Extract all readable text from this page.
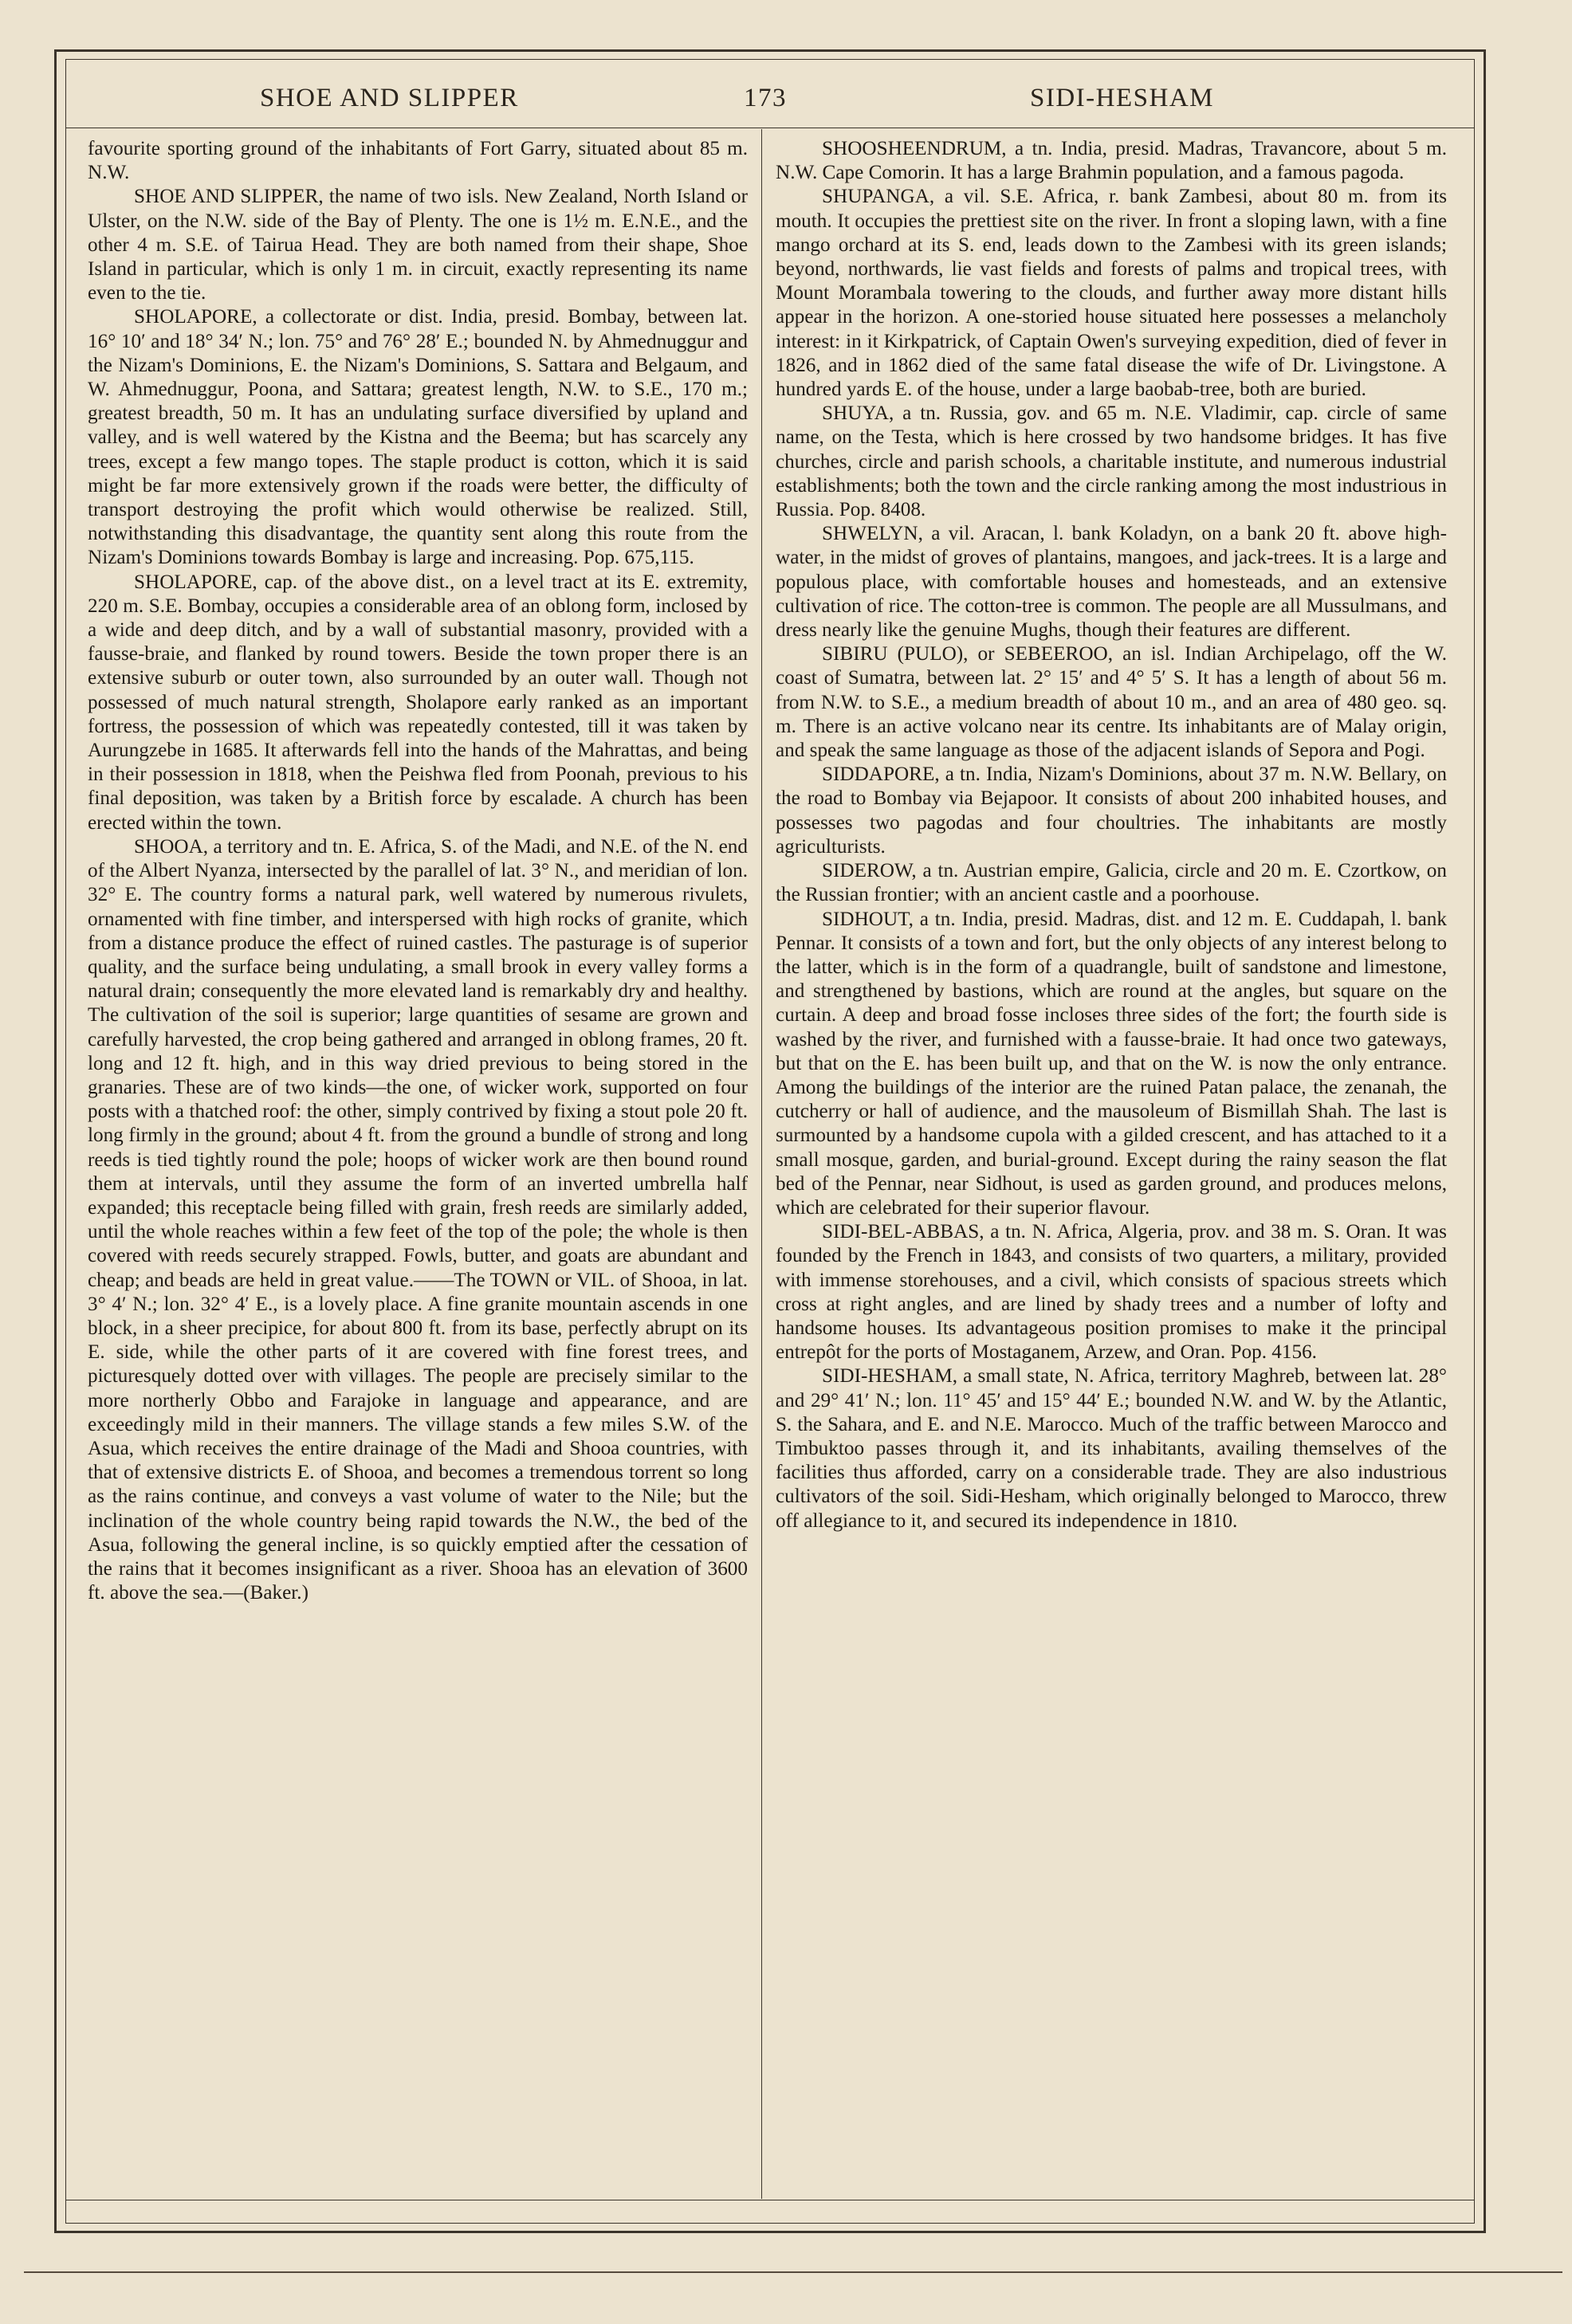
SHOE AND SLIPPER	173	SIDI-HESHAM

favourite sporting ground of the inhabitants of Fort Garry, situated about 85 m. N.W.

SHOE AND SLIPPER, the name of two isls. New Zealand, North Island or Ulster, on the N.W. side of the Bay of Plenty. The one is 1½ m. E.N.E., and the other 4 m. S.E. of Tairua Head. They are both named from their shape, Shoe Island in particular, which is only 1 m. in circuit, exactly representing its name even to the tie.

SHOLAPORE, a collectorate or dist. India, presid. Bombay, between lat. 16° 10′ and 18° 34′ N.; lon. 75° and 76° 28′ E.; bounded N. by Ahmednuggur and the Nizam's Dominions, E. the Nizam's Dominions, S. Sattara and Belgaum, and W. Ahmednuggur, Poona, and Sattara; greatest length, N.W. to S.E., 170 m.; greatest breadth, 50 m. It has an undulating surface diversified by upland and valley, and is well watered by the Kistna and the Beema; but has scarcely any trees, except a few mango topes. The staple product is cotton, which it is said might be far more extensively grown if the roads were better, the difficulty of transport destroying the profit which would otherwise be realized. Still, notwithstanding this disadvantage, the quantity sent along this route from the Nizam's Dominions towards Bombay is large and increasing. Pop. 675,115.

SHOLAPORE, cap. of the above dist., on a level tract at its E. extremity, 220 m. S.E. Bombay, occupies a considerable area of an oblong form, inclosed by a wide and deep ditch, and by a wall of substantial masonry, provided with a fausse-braie, and flanked by round towers. Beside the town proper there is an extensive suburb or outer town, also surrounded by an outer wall. Though not possessed of much natural strength, Sholapore early ranked as an important fortress, the possession of which was repeatedly contested, till it was taken by Aurungzebe in 1685. It afterwards fell into the hands of the Mahrattas, and being in their possession in 1818, when the Peishwa fled from Poonah, previous to his final deposition, was taken by a British force by escalade. A church has been erected within the town.

SHOOA, a territory and tn. E. Africa, S. of the Madi, and N.E. of the N. end of the Albert Nyanza, intersected by the parallel of lat. 3° N., and meridian of lon. 32° E. The country forms a natural park, well watered by numerous rivulets, ornamented with fine timber, and interspersed with high rocks of granite, which from a distance produce the effect of ruined castles. The pasturage is of superior quality, and the surface being undulating, a small brook in every valley forms a natural drain; consequently the more elevated land is remarkably dry and healthy. The cultivation of the soil is superior; large quantities of sesame are grown and carefully harvested, the crop being gathered and arranged in oblong frames, 20 ft. long and 12 ft. high, and in this way dried previous to being stored in the granaries. These are of two kinds—the one, of wicker work, supported on four posts with a thatched roof: the other, simply contrived by fixing a stout pole 20 ft. long firmly in the ground; about 4 ft. from the ground a bundle of strong and long reeds is tied tightly round the pole; hoops of wicker work are then bound round them at intervals, until they assume the form of an inverted umbrella half expanded; this receptacle being filled with grain, fresh reeds are similarly added, until the whole reaches within a few feet of the top of the pole; the whole is then covered with reeds securely strapped. Fowls, butter, and goats are abundant and cheap; and beads are held in great value.——The TOWN or VIL. of Shooa, in lat. 3° 4′ N.; lon. 32° 4′ E., is a lovely place. A fine granite mountain ascends in one block, in a sheer precipice, for about 800 ft. from its base, perfectly abrupt on its E. side, while the other parts of it are covered with fine forest trees, and picturesquely dotted over with villages. The people are precisely similar to the more northerly Obbo and Farajoke in language and appearance, and are exceedingly mild in their manners. The village stands a few miles S.W. of the Asua, which receives the entire drainage of the Madi and Shooa countries, with that of extensive districts E. of Shooa, and becomes a tremendous torrent so long as the rains continue, and conveys a vast volume of water to the Nile; but the inclination of the whole country being rapid towards the N.W., the bed of the Asua, following the general incline, is so quickly emptied after the cessation of the rains that it becomes insignificant as a river. Shooa has an elevation of 3600 ft. above the sea.—(Baker.)

SHOOSHEENDRUM, a tn. India, presid. Madras, Travancore, about 5 m. N.W. Cape Comorin. It has a large Brahmin population, and a famous pagoda.

SHUPANGA, a vil. S.E. Africa, r. bank Zambesi, about 80 m. from its mouth. It occupies the prettiest site on the river. In front a sloping lawn, with a fine mango orchard at its S. end, leads down to the Zambesi with its green islands; beyond, northwards, lie vast fields and forests of palms and tropical trees, with Mount Morambala towering to the clouds, and further away more distant hills appear in the horizon. A one-storied house situated here possesses a melancholy interest: in it Kirkpatrick, of Captain Owen's surveying expedition, died of fever in 1826, and in 1862 died of the same fatal disease the wife of Dr. Livingstone. A hundred yards E. of the house, under a large baobab-tree, both are buried.

SHUYA, a tn. Russia, gov. and 65 m. N.E. Vladimir, cap. circle of same name, on the Testa, which is here crossed by two handsome bridges. It has five churches, circle and parish schools, a charitable institute, and numerous industrial establishments; both the town and the circle ranking among the most industrious in Russia. Pop. 8408.

SHWELYN, a vil. Aracan, l. bank Koladyn, on a bank 20 ft. above high-water, in the midst of groves of plantains, mangoes, and jack-trees. It is a large and populous place, with comfortable houses and homesteads, and an extensive cultivation of rice. The cotton-tree is common. The people are all Mussulmans, and dress nearly like the genuine Mughs, though their features are different.

SIBIRU (PULO), or SEBEEROO, an isl. Indian Archipelago, off the W. coast of Sumatra, between lat. 2° 15′ and 4° 5′ S. It has a length of about 56 m. from N.W. to S.E., a medium breadth of about 10 m., and an area of 480 geo. sq. m. There is an active volcano near its centre. Its inhabitants are of Malay origin, and speak the same language as those of the adjacent islands of Sepora and Pogi.

SIDDAPORE, a tn. India, Nizam's Dominions, about 37 m. N.W. Bellary, on the road to Bombay via Bejapoor. It consists of about 200 inhabited houses, and possesses two pagodas and four choultries. The inhabitants are mostly agriculturists.

SIDEROW, a tn. Austrian empire, Galicia, circle and 20 m. E. Czortkow, on the Russian frontier; with an ancient castle and a poorhouse.

SIDHOUT, a tn. India, presid. Madras, dist. and 12 m. E. Cuddapah, l. bank Pennar. It consists of a town and fort, but the only objects of any interest belong to the latter, which is in the form of a quadrangle, built of sandstone and limestone, and strengthened by bastions, which are round at the angles, but square on the curtain. A deep and broad fosse incloses three sides of the fort; the fourth side is washed by the river, and furnished with a fausse-braie. It had once two gateways, but that on the E. has been built up, and that on the W. is now the only entrance. Among the buildings of the interior are the ruined Patan palace, the zenanah, the cutcherry or hall of audience, and the mausoleum of Bismillah Shah. The last is surmounted by a handsome cupola with a gilded crescent, and has attached to it a small mosque, garden, and burial-ground. Except during the rainy season the flat bed of the Pennar, near Sidhout, is used as garden ground, and produces melons, which are celebrated for their superior flavour.

SIDI-BEL-ABBAS, a tn. N. Africa, Algeria, prov. and 38 m. S. Oran. It was founded by the French in 1843, and consists of two quarters, a military, provided with immense storehouses, and a civil, which consists of spacious streets which cross at right angles, and are lined by shady trees and a number of lofty and handsome houses. Its advantageous position promises to make it the principal entrepôt for the ports of Mostaganem, Arzew, and Oran. Pop. 4156.

SIDI-HESHAM, a small state, N. Africa, territory Maghreb, between lat. 28° and 29° 41′ N.; lon. 11° 45′ and 15° 44′ E.; bounded N.W. and W. by the Atlantic, S. the Sahara, and E. and N.E. Marocco. Much of the traffic between Marocco and Timbuktoo passes through it, and its inhabitants, availing themselves of the facilities thus afforded, carry on a considerable trade. They are also industrious cultivators of the soil. Sidi-Hesham, which originally belonged to Marocco, threw off allegiance to it, and secured its independence in 1810.
